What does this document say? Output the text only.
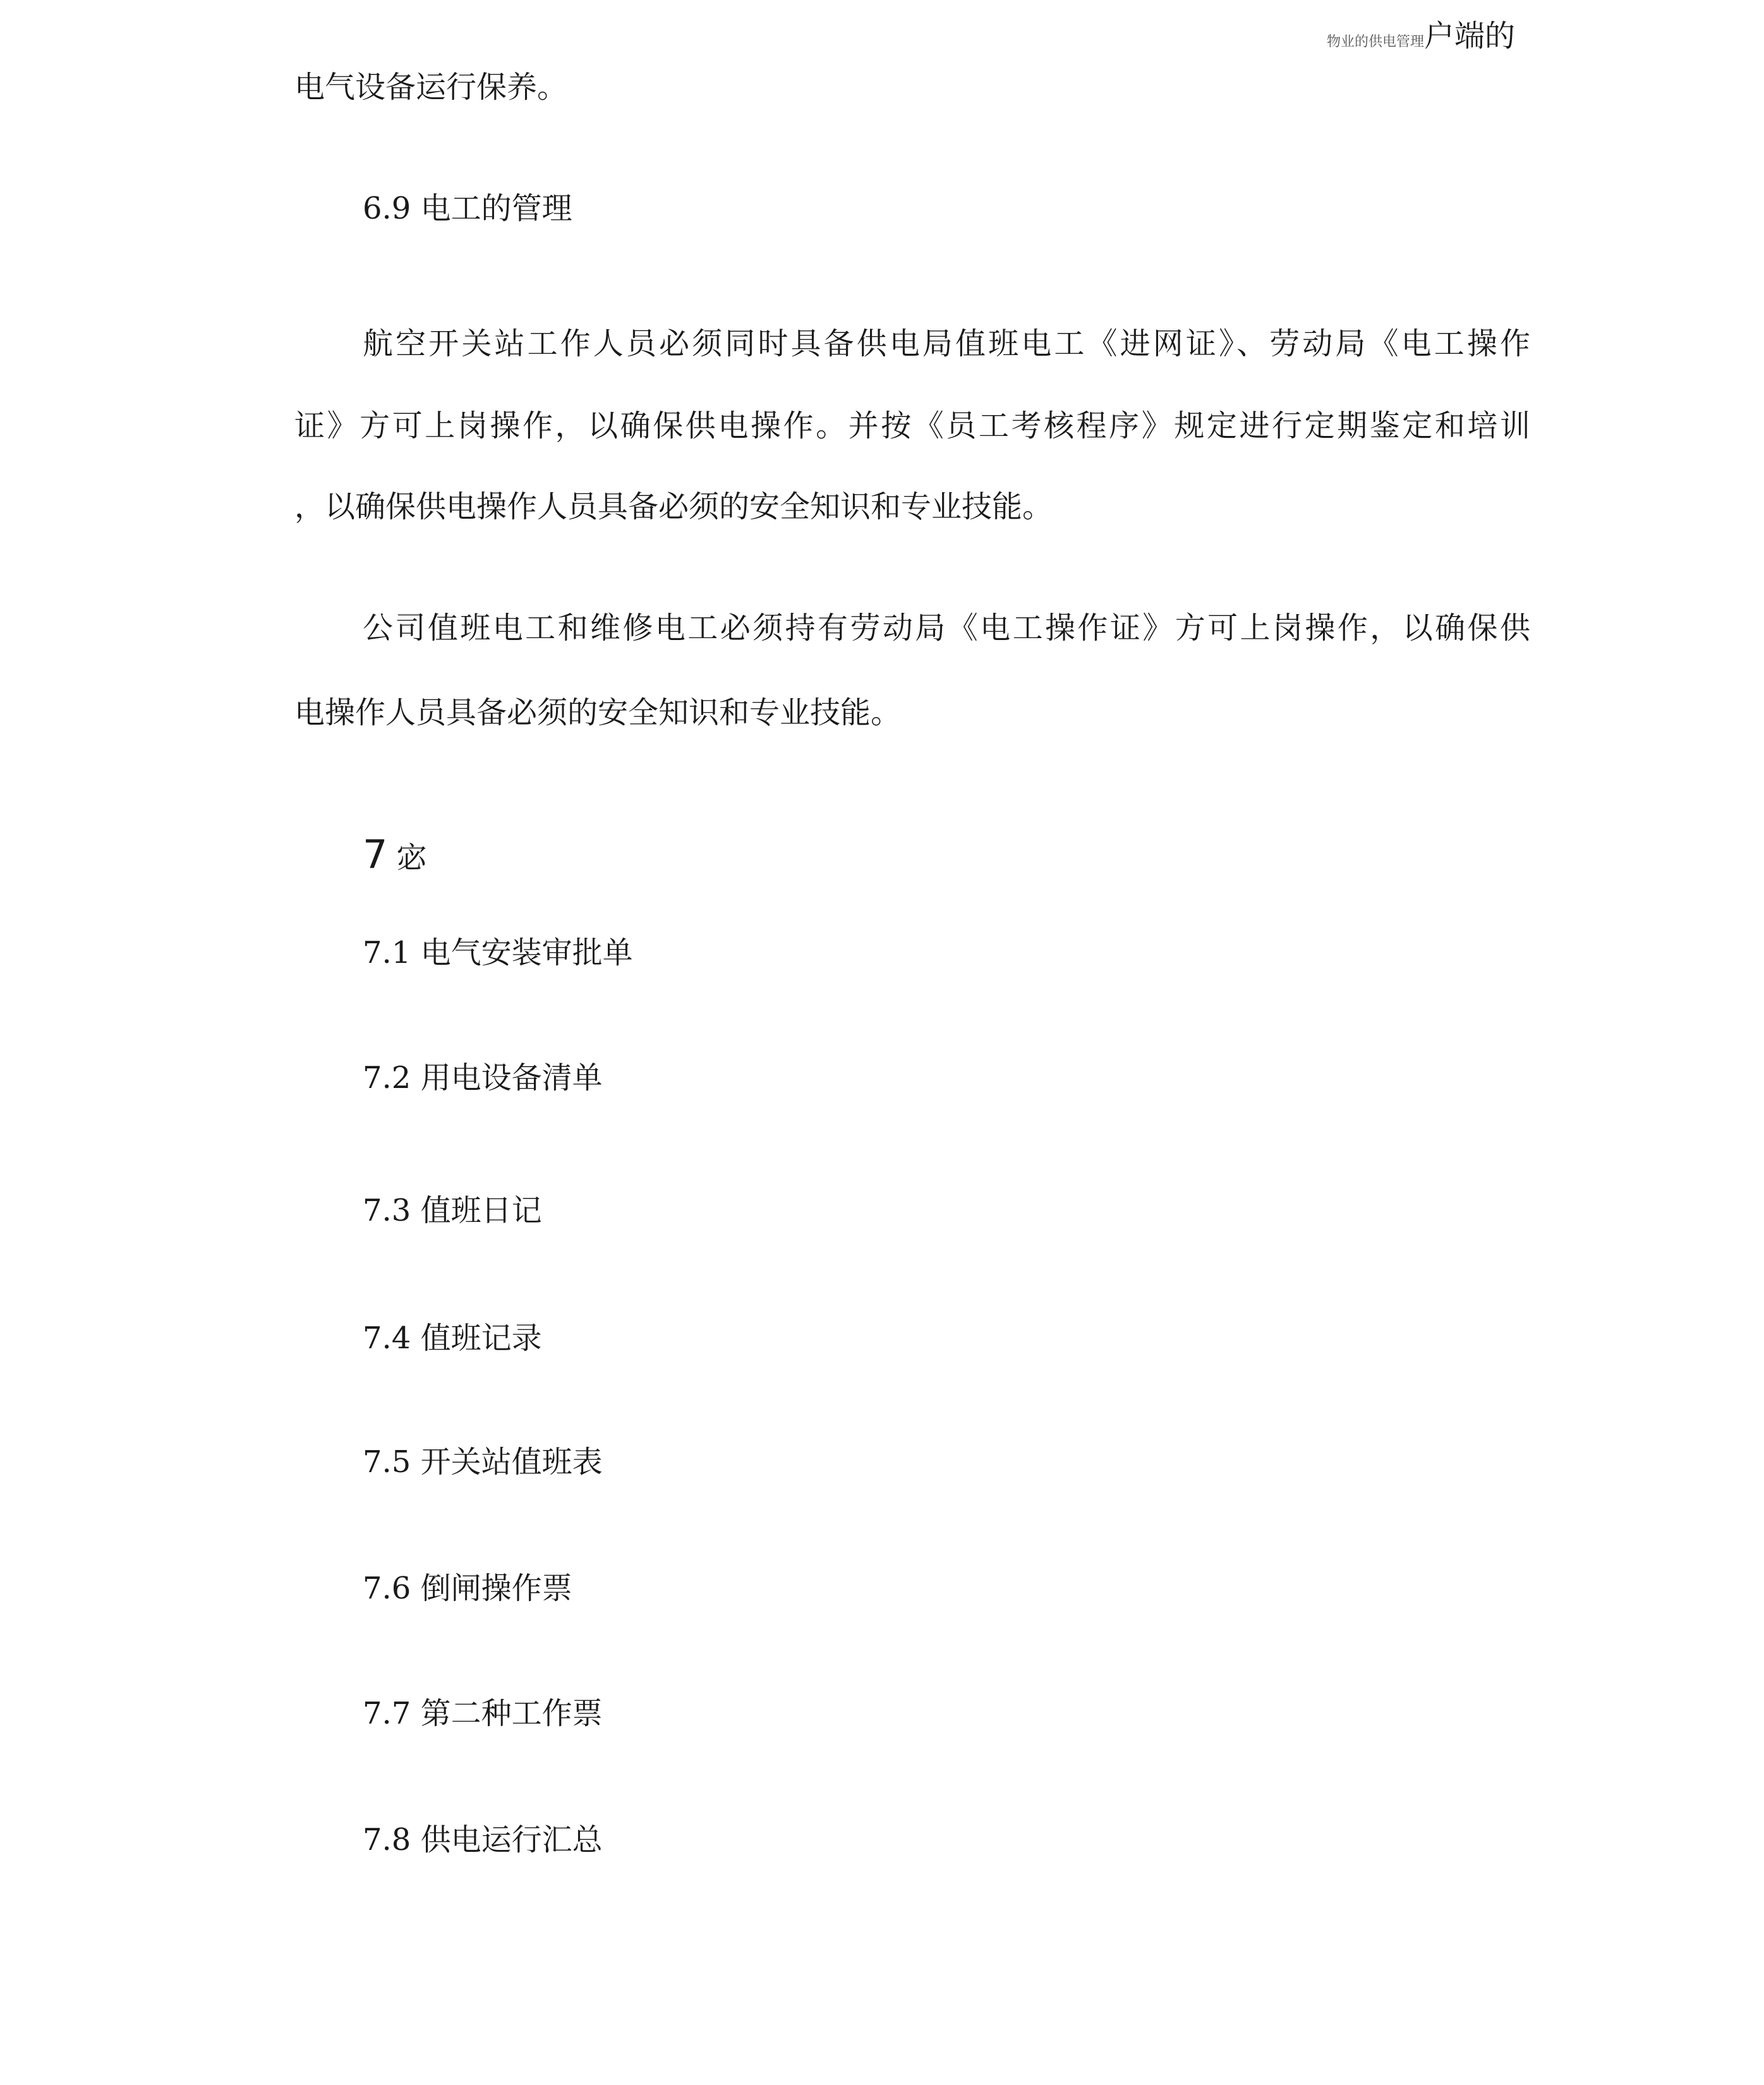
物业的供电管理户端的
电气设备运行保养。
6.9 电工的管理
航空开关站工作人员必须同时具备供电局值班电工《进网证》、劳动局《电工操作
证》方可上岗操作，以确保供电操作。并按《员工考核程序》规定进行定期鉴定和培训
，以确保供电操作人员具备必须的安全知识和专业技能。
公司值班电工和维修电工必须持有劳动局《电工操作证》方可上岗操作，以确保供
电操作人员具备必须的安全知识和专业技能。
7 宓
7.1 电气安装审批单
7.2 用电设备清单
7.3 值班日记
7.4 值班记录
7.5 开关站值班表
7.6 倒闸操作票
7.7 第二种工作票
7.8 供电运行汇总
